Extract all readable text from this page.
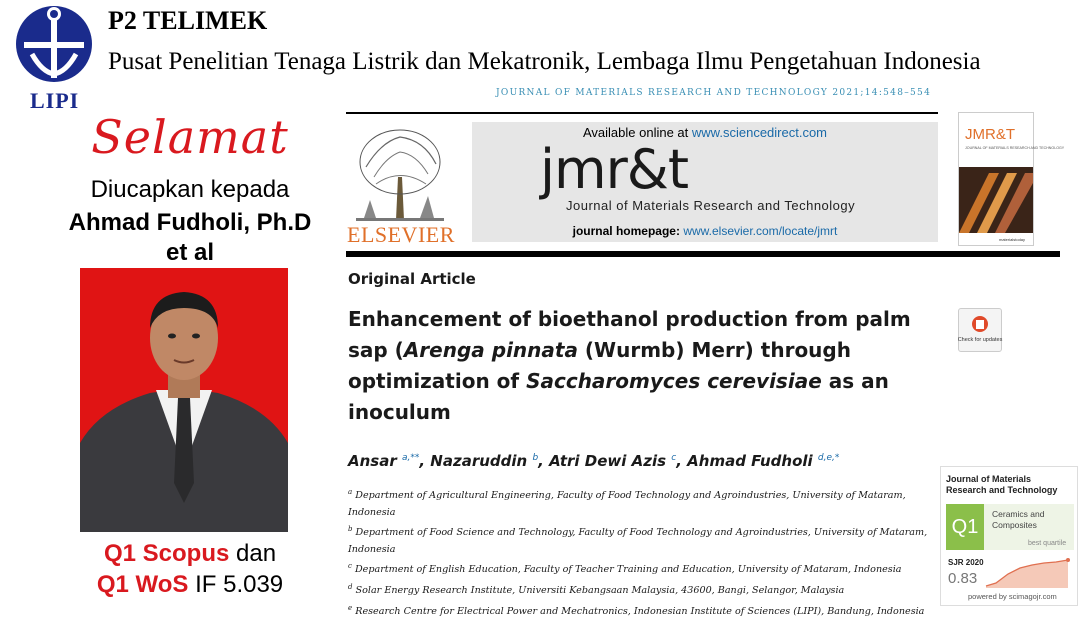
LIPI
P2 TELIMEK
Pusat Penelitian Tenaga Listrik dan Mekatronik, Lembaga Ilmu Pengetahuan Indonesia
Selamat
Diucapkan kepada
Ahmad Fudholi, Ph.D
et al
Q1 Scopus dan
Q1 WoS IF 5.039
JOURNAL OF MATERIALS RESEARCH AND TECHNOLOGY 2021;14:548–554
ELSEVIER
Available online at www.sciencedirect.com
jmr&t
Journal of Materials Research and Technology
journal homepage: www.elsevier.com/locate/jmrt
JMR&T
JOURNAL OF MATERIALS RESEARCH AND TECHNOLOGY
materialstoday
Original Article
Enhancement of bioethanol production from palm
sap (Arenga pinnata (Wurmb) Merr) through
optimization of Saccharomyces cerevisiae as an
inoculum
Check for updates
Ansar $^{a,**}$, Nazaruddin $^b$, Atri Dewi Azis $^c$, Ahmad Fudholi $^{d,e,*}$
$^a$ Department of Agricultural Engineering, Faculty of Food Technology and Agroindustries, University of Mataram, Indonesia
$^b$ Department of Food Science and Technology, Faculty of Food Technology and Agroindustries, University of Mataram, Indonesia
$^c$ Department of English Education, Faculty of Teacher Training and Education, University of Mataram, Indonesia
$^d$ Solar Energy Research Institute, Universiti Kebangsaan Malaysia, 43600, Bangi, Selangor, Malaysia
$^e$ Research Centre for Electrical Power and Mechatronics, Indonesian Institute of Sciences (LIPI), Bandung, Indonesia
Journal of Materials Research and Technology
Q1
Ceramics and Composites
best quartile
SJR 2020
0.83
powered by scimagojr.com
